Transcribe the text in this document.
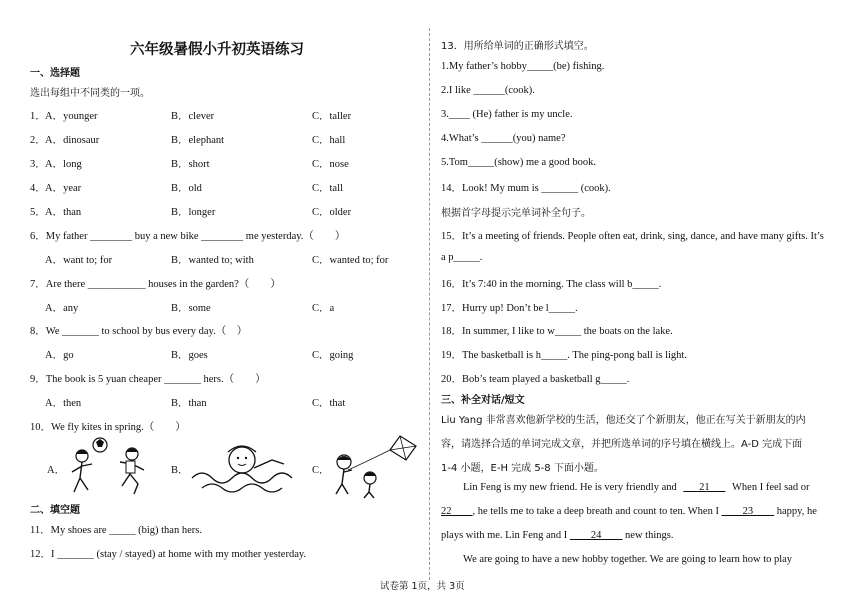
六年级暑假小升初英语练习
一、选择题
选出每组中不同类的一项。
1． A．younger	B．clever	C．taller
2． A．dinosaur	B．elephant	C．hall
3． A．long	B．short	C．nose
4． A．year	B．old	C．tall
5． A．than	B．longer	C．older
6．My father ________ buy a new bike ________ me yesterday.（　　）
A．want to; for	B．wanted to; with	C．wanted to; for
7．Are there ___________ houses in the garden?（　　）
A．any	B．some	C．a
8．We _______ to school by bus every day.（　）
A．go	B．goes	C．going
9．The book is 5 yuan cheaper _______ hers.（　　）
A．then	B．than	C．that
10．We fly kites in spring.（　　）
A．	B．	C．
二、填空题
11．My shoes are _____ (big) than hers.
12．I _______ (stay / stayed) at home with my mother yesterday.
13．用所给单词的正确形式填空。
1.My father’s hobby_____(be) fishing.
2.I like ______(cook).
3.____ (He) father is my uncle.
4.What’s ______(you) name?
5.Tom_____(show) me a good book.
14．Look! My mum is _______ (cook).
根据首字母提示完单词补全句子。
15．It’s a meeting of friends. People often eat, drink, sing, dance, and have many gifts. It’s
a p_____.
16．It’s 7:40 in the morning. The class will b_____.
17．Hurry up! Don’t be l_____.
18．In summer, I like to w_____ the boats on the lake.
19．The basketball is h_____. The ping-pong ball is light.
20．Bob’s team played a basketball g_____.
三、补全对话/短文
Liu Yang 非常喜欢他新学校的生活，他还交了个新朋友，他正在写关于新朋友的内
容，请选择合适的单词完成文章，并把所选单词的序号填在横线上。A-D 完成下面
1-4 小题，E-H 完成 5-8 下面小题。
Lin Feng is my new friend. He is very friendly and ___21___ When I feel sad or
22____, he tells me to take a deep breath and count to ten. When I ____23____ happy, he
plays with me. Lin Feng and I ____24____ new things.
We are going to have a new hobby together. We are going to learn how to play
试卷第 1页，共 3页
